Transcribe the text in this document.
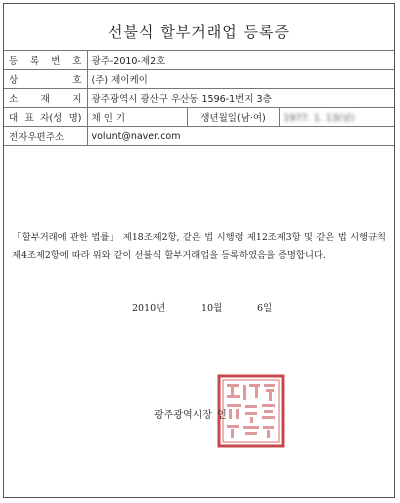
선불식 할부거래업 등록증
등 록 번 호	광주-2010-제2호		
상 호	(주) 제이케이		
소 재 지	광주광역시 광산구 우산동 1596-1번지 3층		
대 표 자(성 명)	채 인 기	생년월일(남·여)	1977. 1. 13(남)
전자우편주소	volunt@naver.com		
「할부거래에 관한 법률」 제18조제2항, 같은 법 시행령 제12조제3항 및 같은 법 시행규칙 제4조제2항에 따라 위와 같이 선불식 할부거래업을 등록하였음을 증명합니다.
2010년	10월	6일
광주광역시장 인
